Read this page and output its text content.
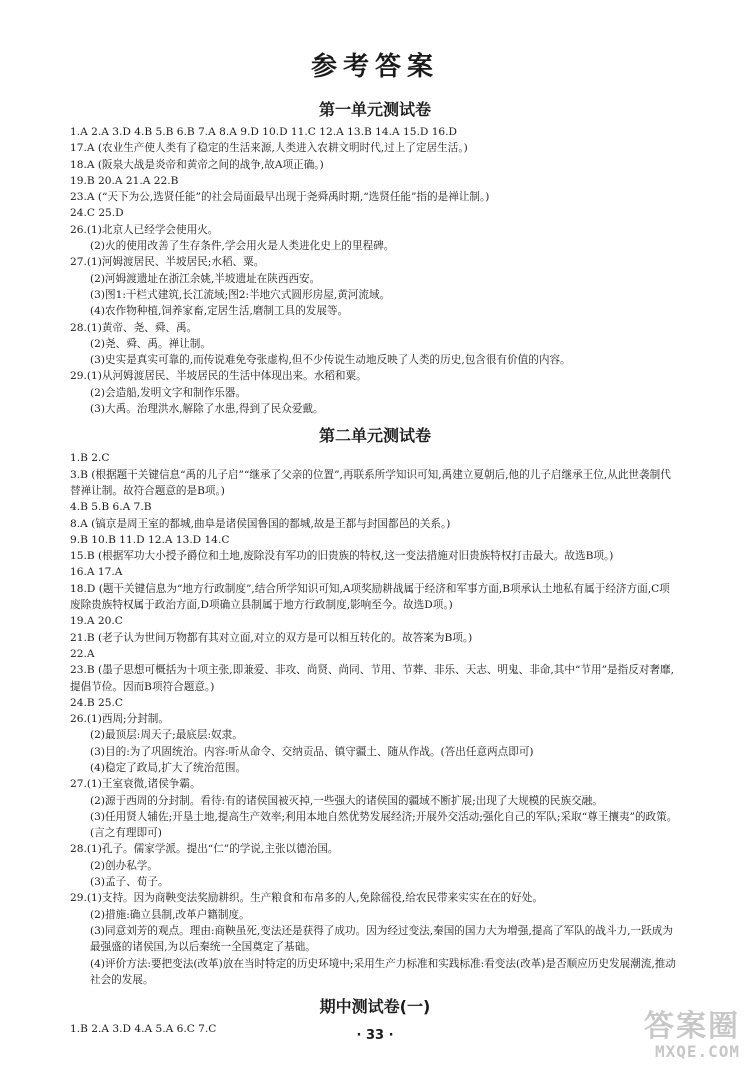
参考答案
第一单元测试卷
1.A 2.A 3.D 4.B 5.B 6.B 7.A 8.A 9.D 10.D 11.C 12.A 13.B 14.A 15.D 16.D
17.A (农业生产使人类有了稳定的生活来源,人类进入农耕文明时代,过上了定居生活。)
18.A (阪泉大战是炎帝和黄帝之间的战争,故A项正确。)
19.B 20.A 21.A 22.B
23.A (“天下为公,选贤任能”的社会局面最早出现于尧舜禹时期,“选贤任能”指的是禅让制。)
24.C 25.D
26.(1)北京人已经学会使用火。
(2)火的使用改善了生存条件,学会用火是人类进化史上的里程碑。
27.(1)河姆渡居民、半坡居民;水稻、粟。
(2)河姆渡遗址在浙江余姚,半坡遗址在陕西西安。
(3)图1:干栏式建筑,长江流域;图2:半地穴式圆形房屋,黄河流域。
(4)农作物种植,饲养家畜,定居生活,磨制工具的发展等。
28.(1)黄帝、尧、舜、禹。
(2)尧、舜、禹。禅让制。
(3)史实是真实可靠的,而传说难免夸张虚构,但不少传说生动地反映了人类的历史,包含很有价值的内容。
29.(1)从河姆渡居民、半坡居民的生活中体现出来。水稻和粟。
(2)会造船,发明文字和制作乐器。
(3)大禹。治理洪水,解除了水患,得到了民众爱戴。
第二单元测试卷
1.B 2.C
3.B (根据题干关键信息“禹的儿子启”“继承了父亲的位置”,再联系所学知识可知,禹建立夏朝后,他的儿子启继承王位,从此世袭制代替禅让制。故符合题意的是B项。)
4.B 5.B 6.A 7.B
8.A (镐京是周王室的都城,曲阜是诸侯国鲁国的都城,故是王都与封国都邑的关系。)
9.B 10.B 11.D 12.A 13.D 14.C
15.B (根据军功大小授予爵位和土地,废除没有军功的旧贵族的特权,这一变法措施对旧贵族特权打击最大。故选B项。)
16.A 17.A
18.D (题干关键信息为“地方行政制度”,结合所学知识可知,A项奖励耕战属于经济和军事方面,B项承认土地私有属于经济方面,C项废除贵族特权属于政治方面,D项确立县制属于地方行政制度,影响至今。故选D项。)
19.A 20.C
21.B (老子认为世间万物都有其对立面,对立的双方是可以相互转化的。故答案为B项。)
22.A
23.B (墨子思想可概括为十项主张,即兼爱、非攻、尚贤、尚同、节用、节葬、非乐、天志、明鬼、非命,其中“节用”是指反对奢靡,提倡节俭。因而B项符合题意。)
24.B 25.C
26.(1)西周;分封制。
(2)最顶层:周天子;最底层:奴隶。
(3)目的:为了巩固统治。内容:听从命令、交纳贡品、镇守疆土、随从作战。(答出任意两点即可)
(4)稳定了政局,扩大了统治范围。
27.(1)王室衰微,诸侯争霸。
(2)源于西周的分封制。看待:有的诸侯国被灭掉,一些强大的诸侯国的疆域不断扩展;出现了大规模的民族交融。
(3)任用贤人辅佐;开垦土地,提高生产效率;利用本地自然优势发展经济;开展外交活动;强化自己的军队;采取“尊王攘夷”的政策。(言之有理即可)
28.(1)孔子。儒家学派。提出“仁”的学说,主张以德治国。
(2)创办私学。
(3)孟子、荀子。
29.(1)支持。因为商鞅变法奖励耕织。生产粮食和布帛多的人,免除徭役,给农民带来实实在在的好处。
(2)措施:确立县制,改革户籍制度。
(3)同意刘芳的观点。理由:商鞅虽死,变法还是获得了成功。因为经过变法,秦国的国力大为增强,提高了军队的战斗力,一跃成为最强盛的诸侯国,为以后秦统一全国奠定了基础。
(4)评价方法:要把变法(改革)放在当时特定的历史环境中;采用生产力标准和实践标准:看变法(改革)是否顺应历史发展潮流,推动社会的发展。
期中测试卷(一)
1.B 2.A 3.D 4.A 5.A 6.C 7.C	· 33 ·	答案圈
MXQE.COM
